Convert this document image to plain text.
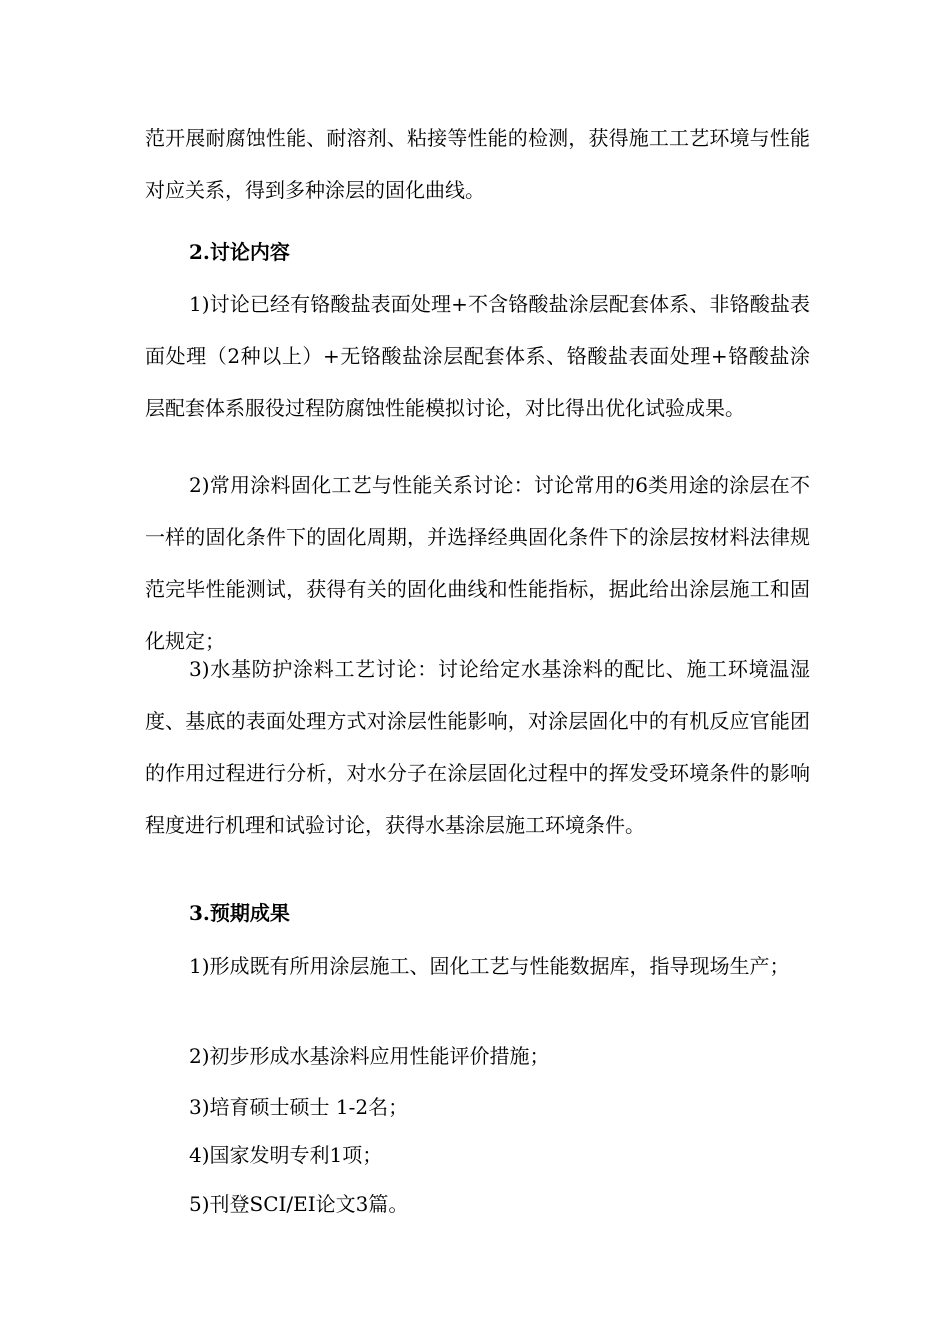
范开展耐腐蚀性能、耐溶剂、粘接等性能的检测，获得施工工艺环境与性能对应关系，得到多种涂层的固化曲线。

2.讨论内容

1)讨论已经有铬酸盐表面处理+不含铬酸盐涂层配套体系、非铬酸盐表面处理（2种以上）+无铬酸盐涂层配套体系、铬酸盐表面处理+铬酸盐涂层配套体系服役过程防腐蚀性能模拟讨论，对比得出优化试验成果。

2)常用涂料固化工艺与性能关系讨论：讨论常用的6类用途的涂层在不一样的固化条件下的固化周期，并选择经典固化条件下的涂层按材料法律规范完毕性能测试，获得有关的固化曲线和性能指标，据此给出涂层施工和固化规定；

3)水基防护涂料工艺讨论：讨论给定水基涂料的配比、施工环境温湿度、基底的表面处理方式对涂层性能影响，对涂层固化中的有机反应官能团的作用过程进行分析，对水分子在涂层固化过程中的挥发受环境条件的影响程度进行机理和试验讨论，获得水基涂层施工环境条件。

3.预期成果

1)形成既有所用涂层施工、固化工艺与性能数据库，指导现场生产；

2)初步形成水基涂料应用性能评价措施；

3)培育硕士硕士 1-2名；

4)国家发明专利1项；

5)刊登SCI/EI论文3篇。
